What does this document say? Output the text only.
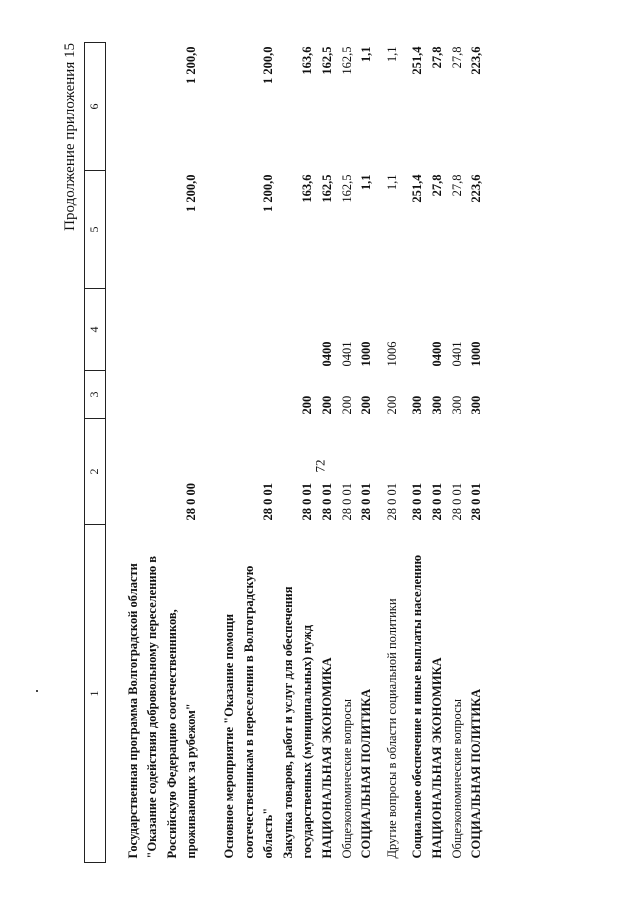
72
Продолжение приложения 15
1	2	3	4	5	6

Государственная программа Волгоградской области "Оказание содействия добровольному переселению в Российскую Федерацию соотечественников, проживающих за рубежом"	28 0 00			1 200,0	1 200,0

Основное мероприятие "Оказание помощи соотечественникам в переселении в Волгоградскую область"	28 0 01			1 200,0	1 200,0
Закупка товаров, работ и услуг для обеспечения государственных (муниципальных) нужд	28 0 01	200		163,6	163,6
НАЦИОНАЛЬНАЯ ЭКОНОМИКА	28 0 01	200	0400	162,5	162,5
Общеэкономические вопросы	28 0 01	200	0401	162,5	162,5
СОЦИАЛЬНАЯ ПОЛИТИКА	28 0 01	200	1000	1,1	1,1
Другие вопросы в области социальной политики	28 0 01	200	1006	1,1	1,1
Социальное обеспечение и иные выплаты населению	28 0 01	300		251,4	251,4
НАЦИОНАЛЬНАЯ ЭКОНОМИКА	28 0 01	300	0400	27,8	27,8
Общеэкономические вопросы	28 0 01	300	0401	27,8	27,8
СОЦИАЛЬНАЯ ПОЛИТИКА	28 0 01	300	1000	223,6	223,6
